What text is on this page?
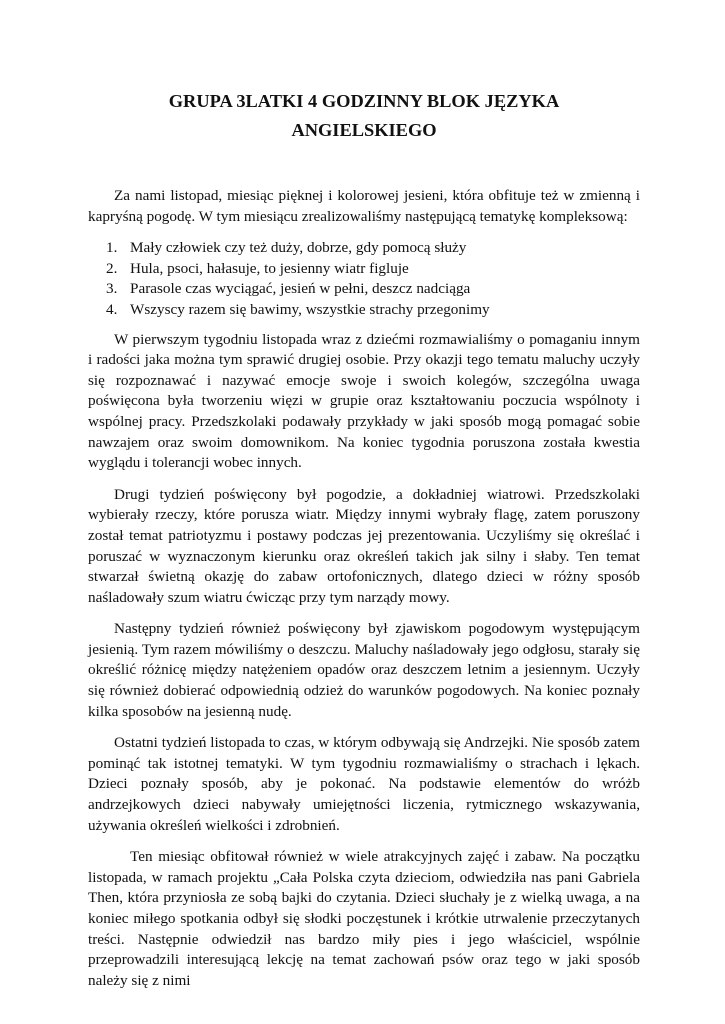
GRUPA 3LATKI 4 GODZINNY BLOK JĘZYKA ANGIELSKIEGO

Za nami listopad, miesiąc pięknej i kolorowej jesieni, która obfituje też w zmienną i kapryśną pogodę. W tym miesiącu zrealizowaliśmy następującą tematykę kompleksową:

1. Mały człowiek czy też duży, dobrze, gdy pomocą służy
2. Hula, psoci, hałasuje, to jesienny wiatr figluje
3. Parasole czas wyciągać, jesień w pełni, deszcz nadciąga
4. Wszyscy razem się bawimy, wszystkie strachy przegonimy

W pierwszym tygodniu listopada wraz z dziećmi rozmawialiśmy o pomaganiu innym i radości jaka można tym sprawić drugiej osobie. Przy okazji tego tematu maluchy uczyły się rozpoznawać i nazywać emocje swoje i swoich kolegów, szczególna uwaga poświęcona była tworzeniu więzi w grupie oraz kształtowaniu poczucia wspólnoty i wspólnej pracy. Przedszkolaki podawały przykłady w jaki sposób mogą pomagać sobie nawzajem oraz swoim domownikom. Na koniec tygodnia poruszona została kwestia wyglądu i tolerancji wobec innych.

Drugi tydzień poświęcony był pogodzie, a dokładniej wiatrowi. Przedszkolaki wybierały rzeczy, które porusza wiatr. Między innymi wybrały flagę, zatem poruszony został temat patriotyzmu i postawy podczas jej prezentowania. Uczyliśmy się określać i poruszać w wyznaczonym kierunku oraz określeń takich jak silny i słaby. Ten temat stwarzał świetną okazję do zabaw ortofonicznych, dlatego dzieci w różny sposób naśladowały szum wiatru ćwicząc przy tym narządy mowy.

Następny tydzień również poświęcony był zjawiskom pogodowym występującym jesienią. Tym razem mówiliśmy o deszczu. Maluchy naśladowały jego odgłosu, starały się określić różnicę między natężeniem opadów oraz deszczem letnim a jesiennym. Uczyły się również dobierać odpowiednią odzież do warunków pogodowych. Na koniec poznały kilka sposobów na jesienną nudę.

Ostatni tydzień listopada to czas, w którym odbywają się Andrzejki. Nie sposób zatem pominąć tak istotnej tematyki. W tym tygodniu rozmawialiśmy o strachach i lękach. Dzieci poznały sposób, aby je pokonać. Na podstawie elementów do wróżb andrzejkowych dzieci nabywały umiejętności liczenia, rytmicznego wskazywania, używania określeń wielkości i zdrobnień.

Ten miesiąc obfitował również w wiele atrakcyjnych zajęć i zabaw. Na początku listopada, w ramach projektu „Cała Polska czyta dzieciom, odwiedziła nas pani Gabriela Then, która przyniosła ze sobą bajki do czytania. Dzieci słuchały je z wielką uwaga, a na koniec miłego spotkania odbył się słodki poczęstunek i krótkie utrwalenie przeczytanych treści. Następnie odwiedził nas bardzo miły pies i jego właściciel, wspólnie przeprowadzili interesującą lekcję na temat zachowań psów oraz tego w jaki sposób należy się z nimi
